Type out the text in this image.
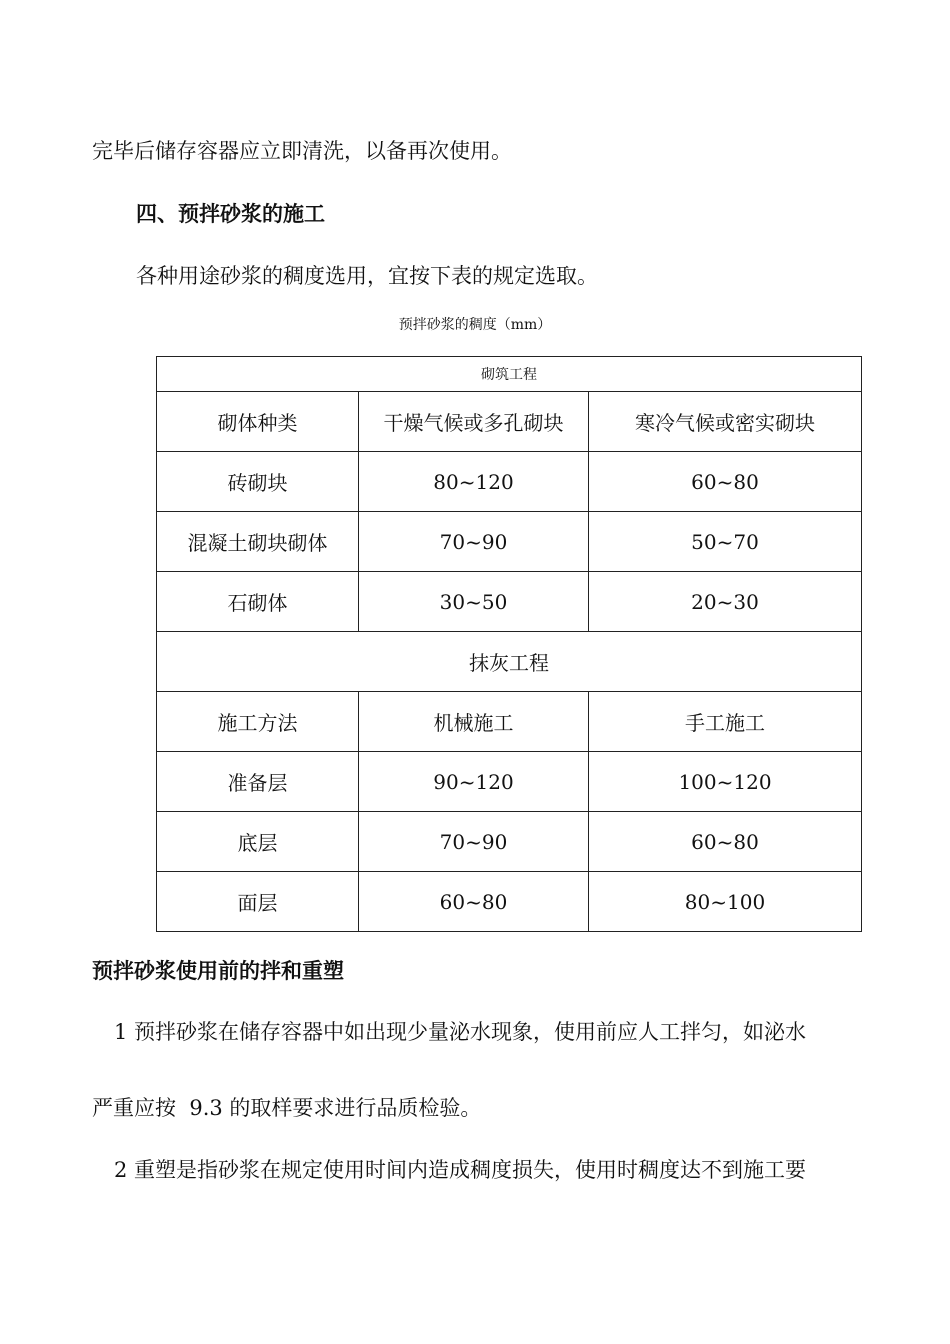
完毕后储存容器应立即清洗，以备再次使用。
四、预拌砂浆的施工
各种用途砂浆的稠度选用，宜按下表的规定选取。
预拌砂浆的稠度（mm）
砌筑工程		
砌体种类	干燥气候或多孔砌块	寒冷气候或密实砌块
砖砌块	80~120	60~80
混凝土砌块砌体	70~90	50~70
石砌体	30~50	20~30
抹灰工程		
施工方法	机械施工	手工施工
准备层	90~120	100~120
底层	70~90	60~80
面层	60~80	80~100
预拌砂浆使用前的拌和重塑
1 预拌砂浆在储存容器中如出现少量泌水现象，使用前应人工拌匀，如泌水
严重应按  9.3 的取样要求进行品质检验。
2 重塑是指砂浆在规定使用时间内造成稠度损失，使用时稠度达不到施工要
